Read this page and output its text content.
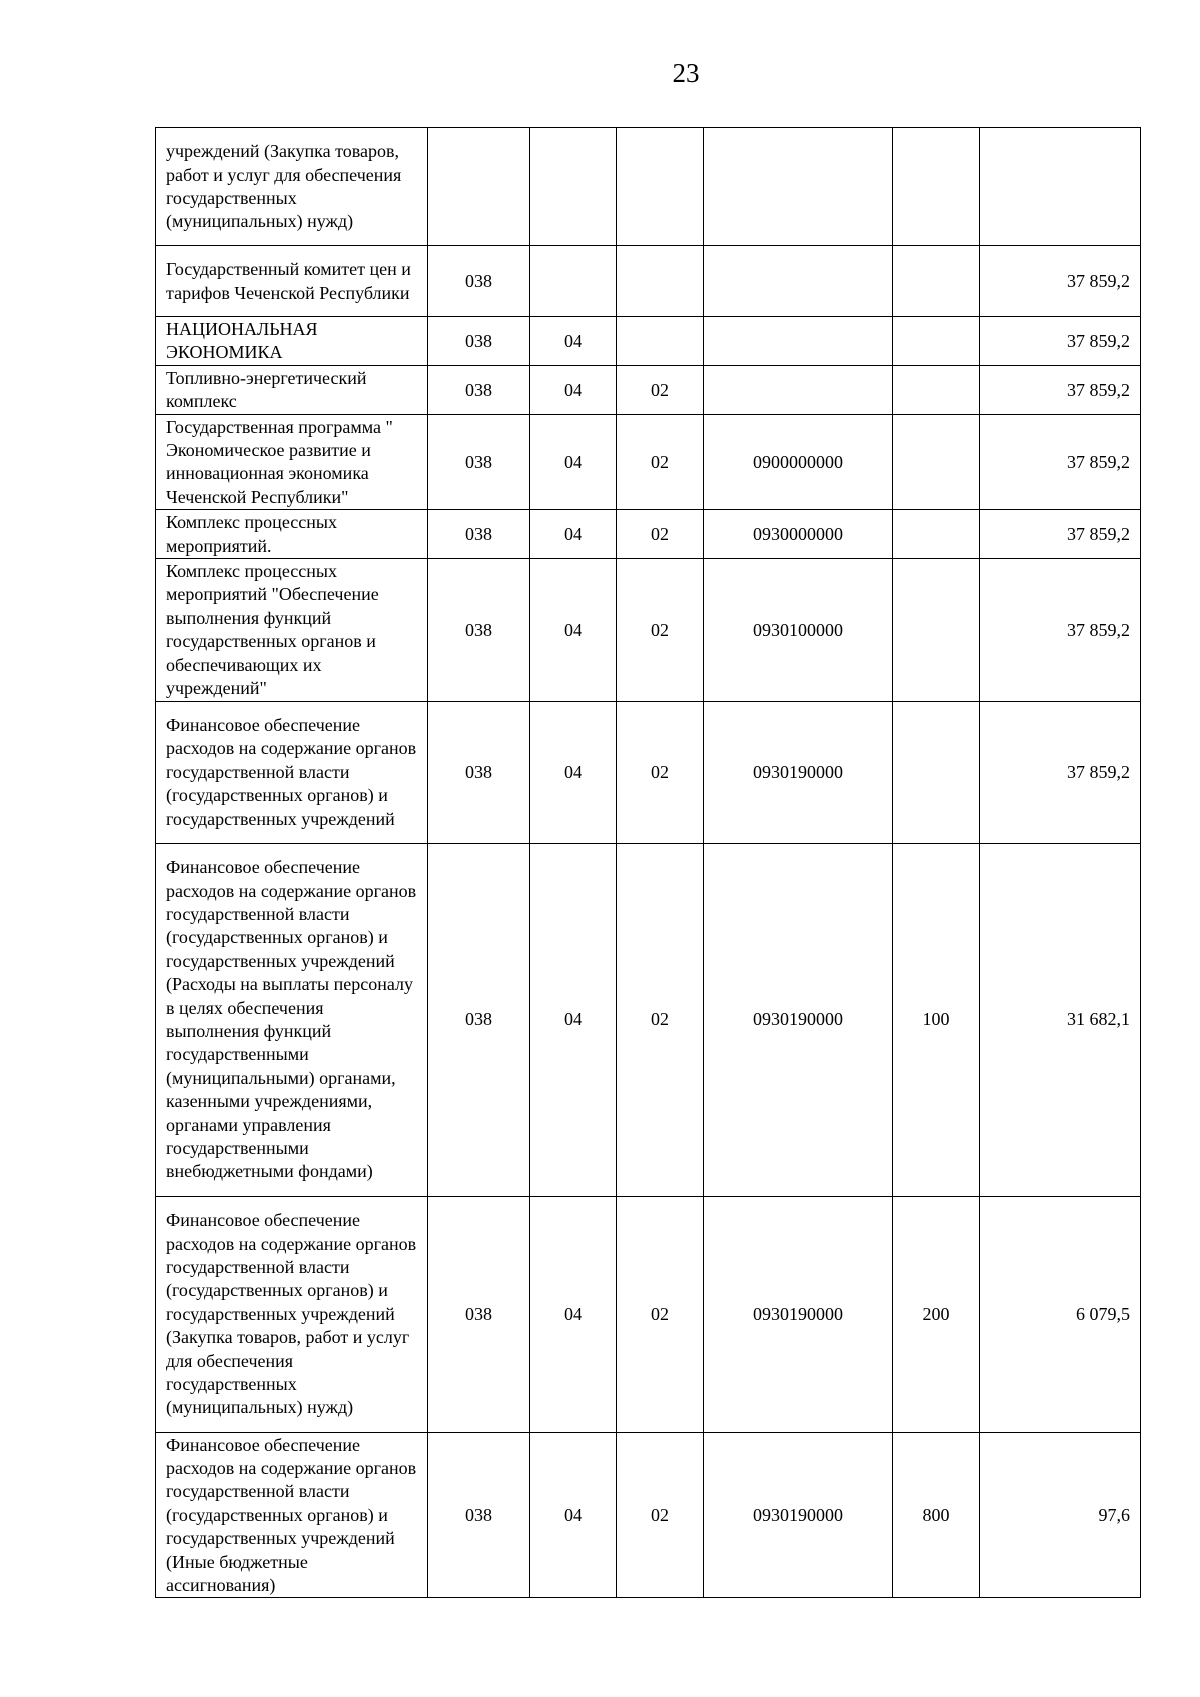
23
учреждений (Закупка товаров, работ и услуг для обеспечения государственных (муниципальных) нужд)						
Государственный комитет цен и тарифов Чеченской Республики	038					37 859,2
НАЦИОНАЛЬНАЯ ЭКОНОМИКА	038	04				37 859,2
Топливно-энергетический комплекс	038	04	02			37 859,2
Государственная программа " Экономическое развитие и инновационная экономика Чеченской Республики"	038	04	02	0900000000		37 859,2
Комплекс процессных мероприятий.	038	04	02	0930000000		37 859,2
Комплекс процессных мероприятий "Обеспечение выполнения функций государственных органов и обеспечивающих их учреждений"	038	04	02	0930100000		37 859,2
Финансовое обеспечение расходов на содержание органов государственной власти (государственных органов) и государственных учреждений	038	04	02	0930190000		37 859,2
Финансовое обеспечение расходов на содержание органов государственной власти (государственных органов) и государственных учреждений (Расходы на выплаты персоналу в целях обеспечения выполнения функций государственными (муниципальными) органами, казенными учреждениями, органами управления государственными внебюджетными фондами)	038	04	02	0930190000	100	31 682,1
Финансовое обеспечение расходов на содержание органов государственной власти (государственных органов) и государственных учреждений (Закупка товаров, работ и услуг для обеспечения государственных (муниципальных) нужд)	038	04	02	0930190000	200	6 079,5
Финансовое обеспечение расходов на содержание органов государственной власти (государственных органов) и государственных учреждений (Иные бюджетные ассигнования)	038	04	02	0930190000	800	97,6
